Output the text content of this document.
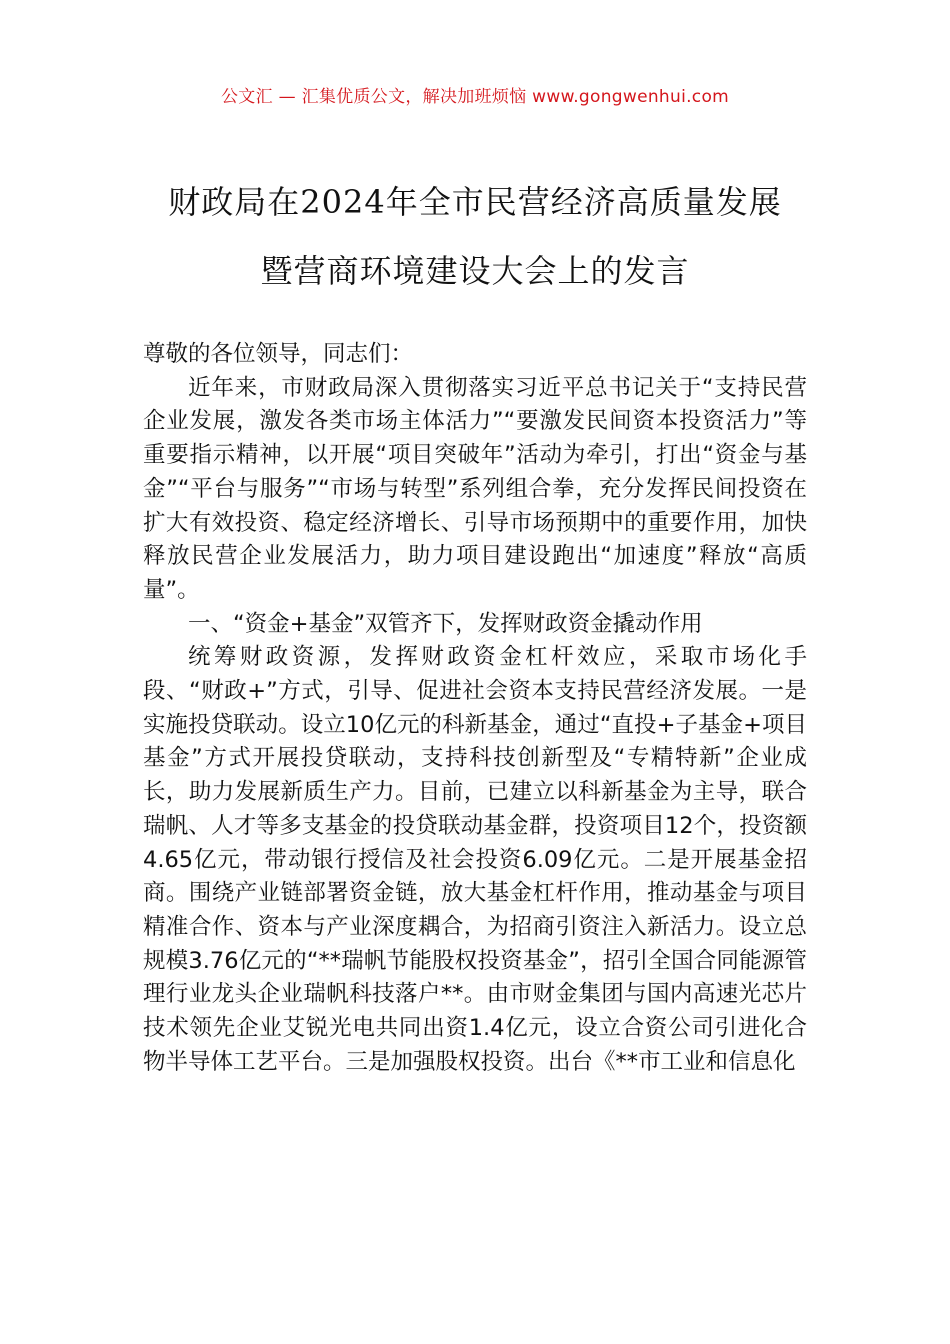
公文汇 — 汇集优质公文，解决加班烦恼 www.gongwenhui.com
财政局在2024年全市民营经济高质量发展
暨营商环境建设大会上的发言

尊敬的各位领导，同志们：

近年来，市财政局深入贯彻落实习近平总书记关于“支持民营企业发展，激发各类市场主体活力”“要激发民间资本投资活力”等重要指示精神，以开展“项目突破年”活动为牵引，打出“资金与基金”“平台与服务”“市场与转型”系列组合拳，充分发挥民间投资在扩大有效投资、稳定经济增长、引导市场预期中的重要作用，加快释放民营企业发展活力，助力项目建设跑出“加速度”释放“高质量”。

一、“资金+基金”双管齐下，发挥财政资金撬动作用

统筹财政资源，发挥财政资金杠杆效应，采取市场化手段、“财政+”方式，引导、促进社会资本支持民营经济发展。一是实施投贷联动。设立10亿元的科新基金，通过“直投+子基金+项目基金”方式开展投贷联动，支持科技创新型及“专精特新”企业成长，助力发展新质生产力。目前，已建立以科新基金为主导，联合瑞帆、人才等多支基金的投贷联动基金群，投资项目12个，投资额4.65亿元，带动银行授信及社会投资6.09亿元。二是开展基金招商。围绕产业链部署资金链，放大基金杠杆作用，推动基金与项目精准合作、资本与产业深度耦合，为招商引资注入新活力。设立总规模3.76亿元的“**瑞帆节能股权投资基金”，招引全国合同能源管理行业龙头企业瑞帆科技落户**。由市财金集团与国内高速光芯片技术领先企业艾锐光电共同出资1.4亿元，设立合资公司引进化合物半导体工艺平台。三是加强股权投资。出台《**市工业和信息化
